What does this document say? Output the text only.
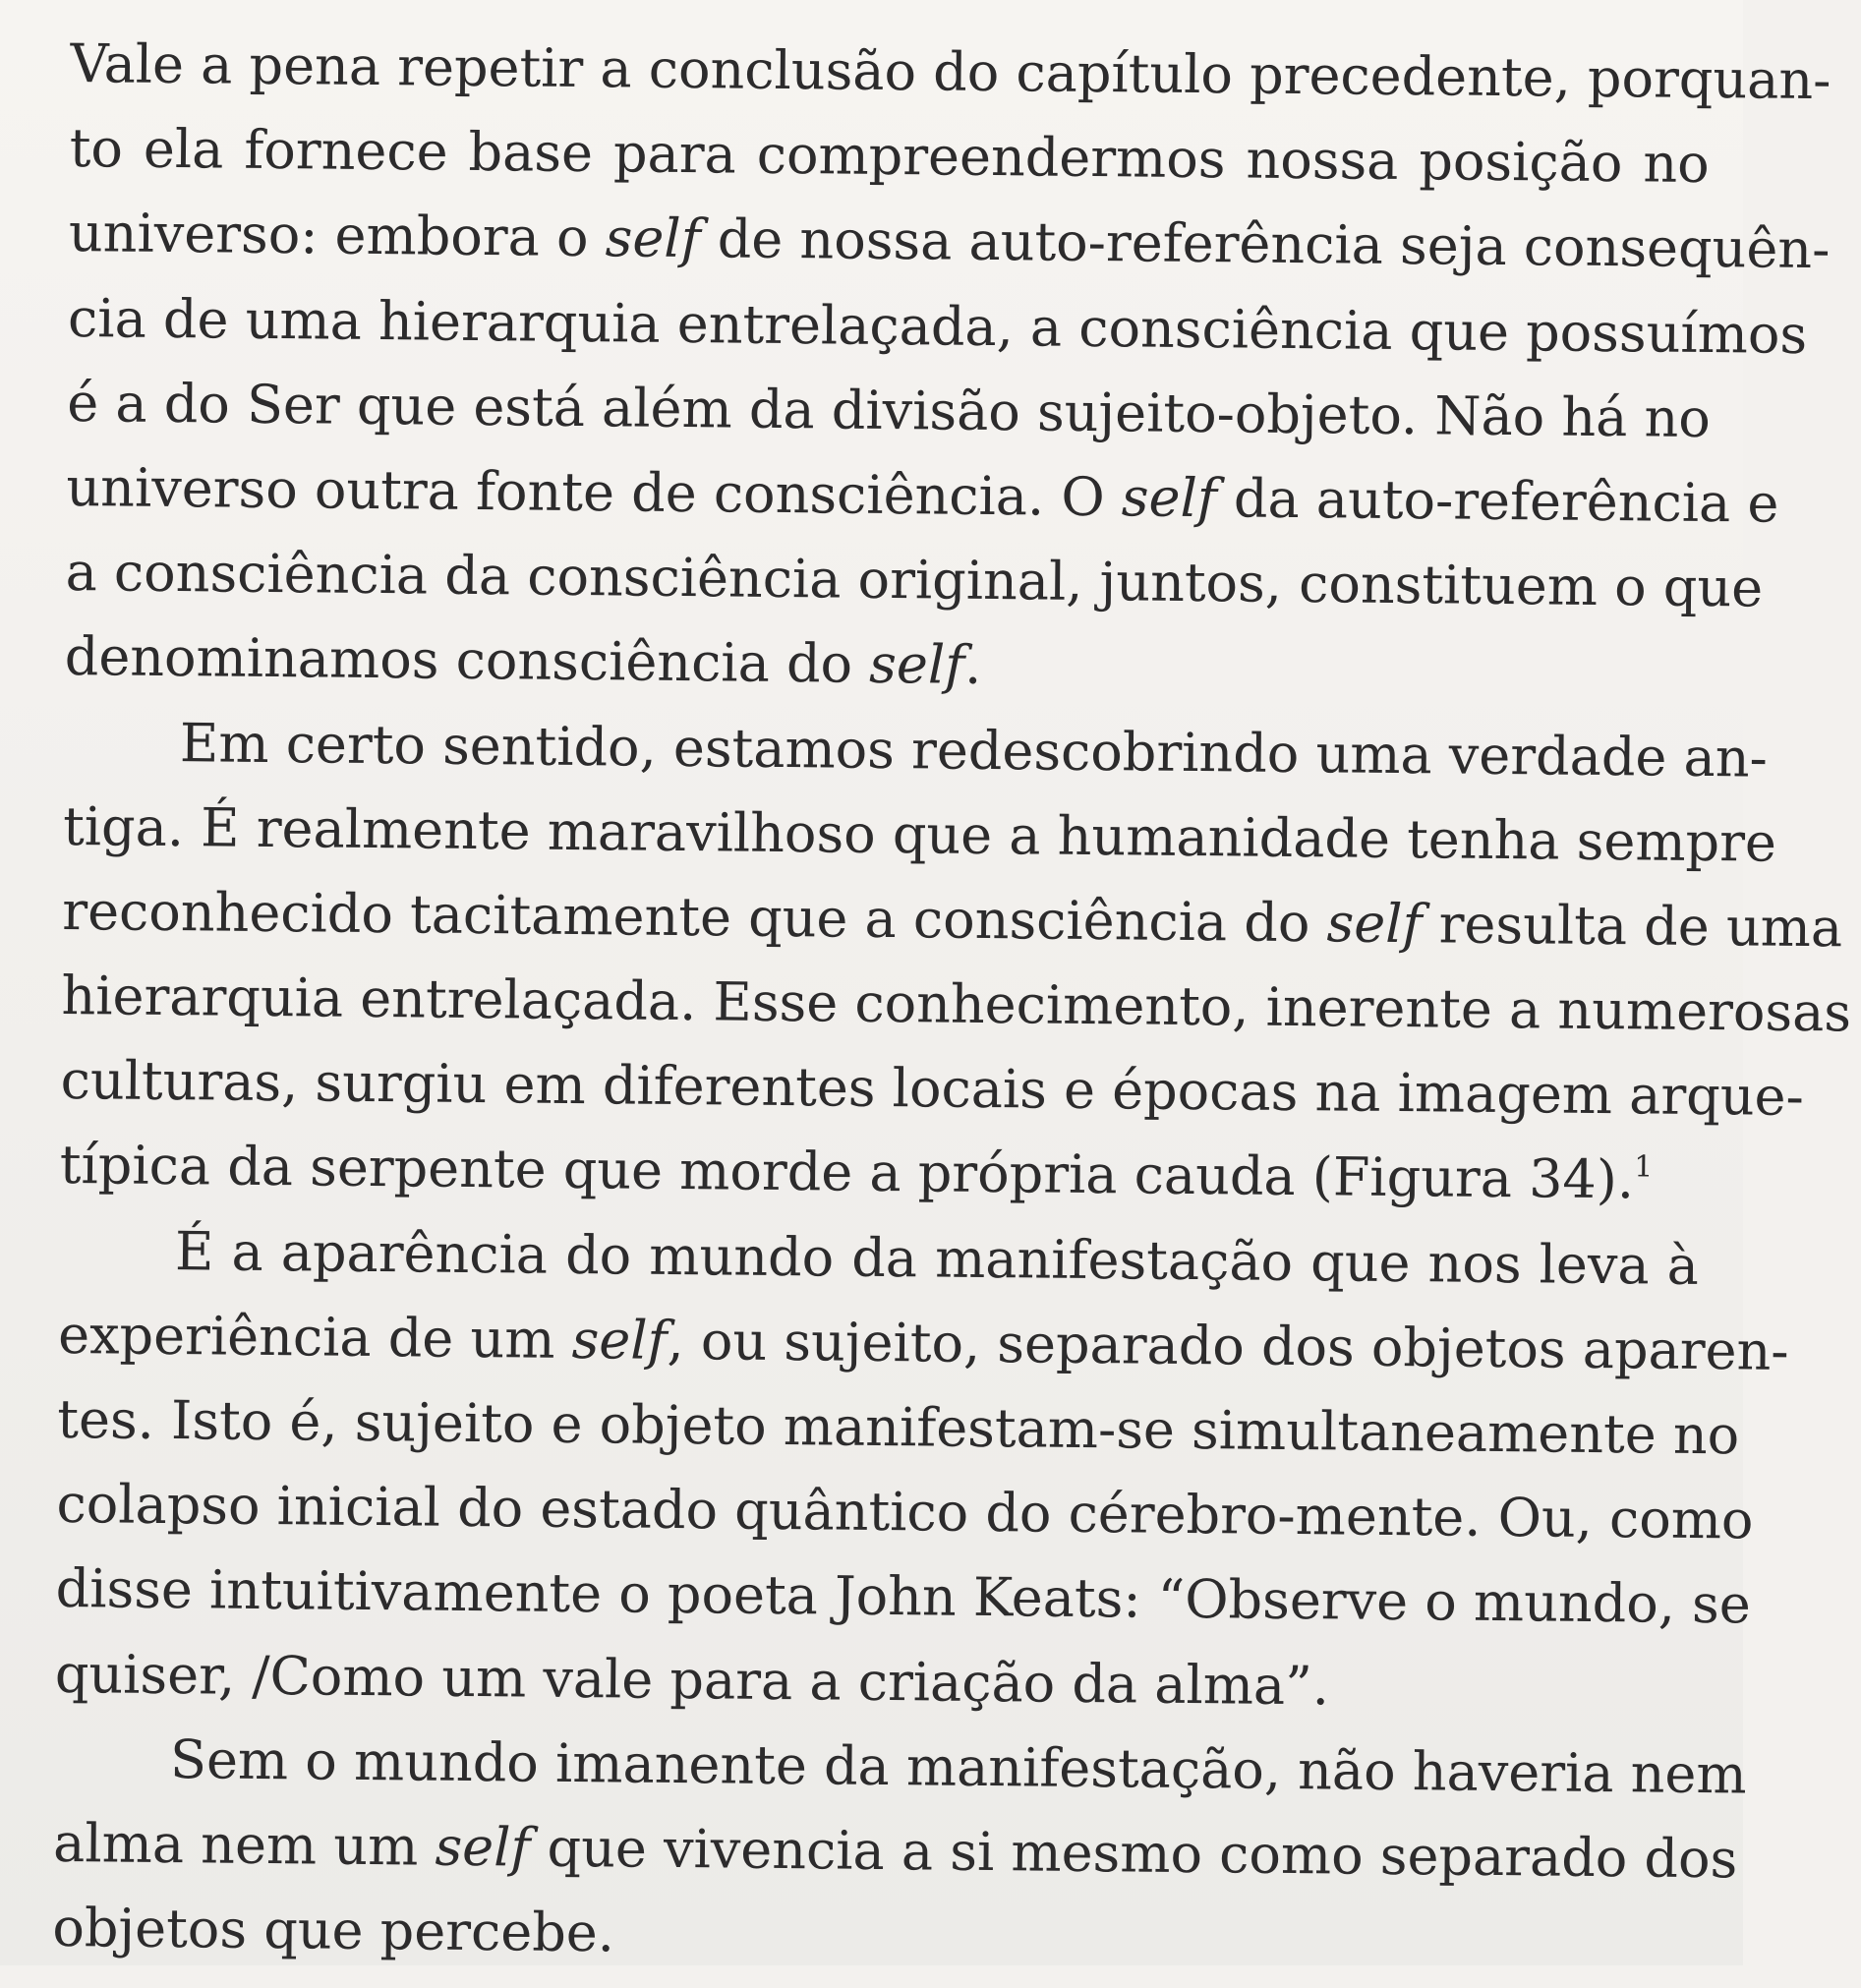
Vale a pena repetir a conclusão do capítulo precedente, porquan-
to ela fornece base para compreendermos nossa posição no
universo: embora o self de nossa auto-referência seja consequên-
cia de uma hierarquia entrelaçada, a consciência que possuímos
é a do Ser que está além da divisão sujeito-objeto. Não há no
universo outra fonte de consciência. O self da auto-referência e
a consciência da consciência original, juntos, constituem o que
denominamos consciência do self.
Em certo sentido, estamos redescobrindo uma verdade an-
tiga. É realmente maravilhoso que a humanidade tenha sempre
reconhecido tacitamente que a consciência do self resulta de uma
hierarquia entrelaçada. Esse conhecimento, inerente a numerosas
culturas, surgiu em diferentes locais e épocas na imagem arque-
típica da serpente que morde a própria cauda (Figura 34).$^1$
É a aparência do mundo da manifestação que nos leva à
experiência de um self, ou sujeito, separado dos objetos aparen-
tes. Isto é, sujeito e objeto manifestam-se simultaneamente no
colapso inicial do estado quântico do cérebro-mente. Ou, como
disse intuitivamente o poeta John Keats: “Observe o mundo, se
quiser, /Como um vale para a criação da alma”.
Sem o mundo imanente da manifestação, não haveria nem
alma nem um self que vivencia a si mesmo como separado dos
objetos que percebe.
